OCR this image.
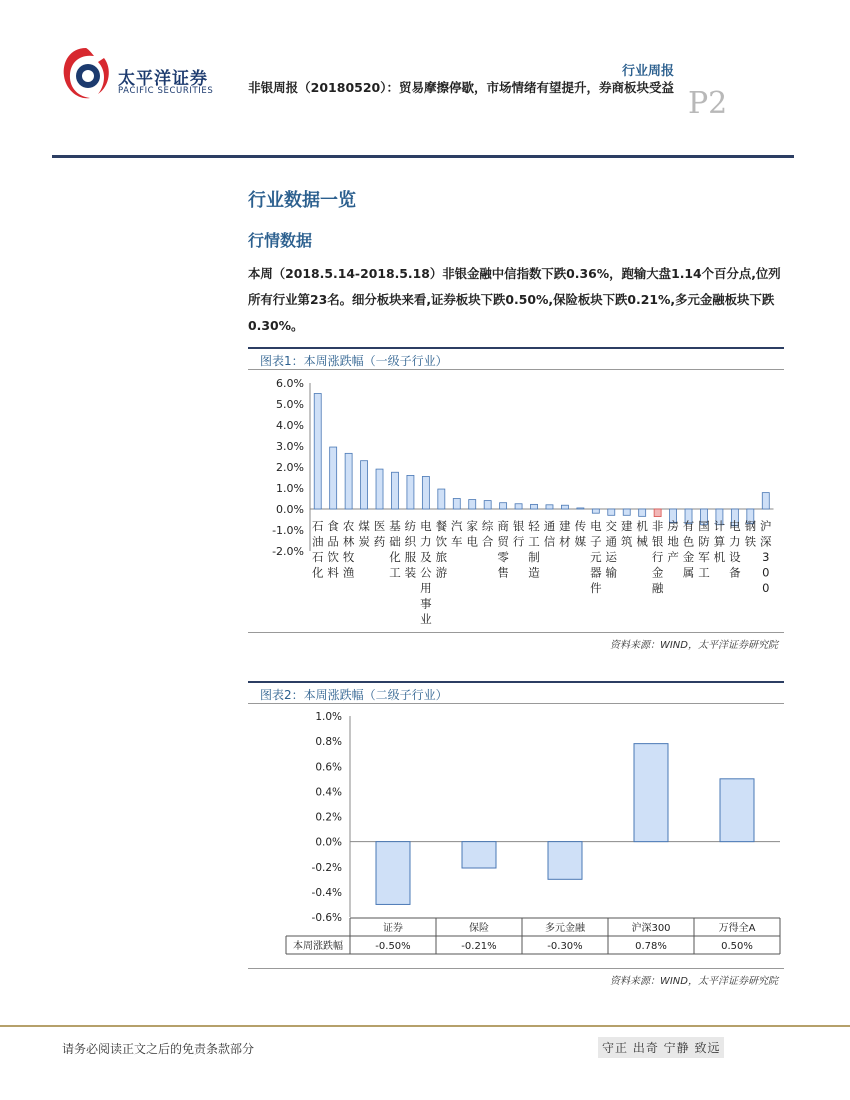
太平洋证券
PACIFIC SECURITIES
行业周报
非银周报（20180520）：贸易摩擦停歇，市场情绪有望提升，券商板块受益 P2
行业数据一览
行情数据
本周（2018.5.14-2018.5.18）非银金融中信指数下跌0.36%，跑输大盘1.14个百分点,位列所有行业第23名。细分板块来看,证券板块下跌0.50%,保险板块下跌0.21%,多元金融板块下跌0.30%。
图表1：本周涨跌幅（一级子行业）
6.0%
5.0%
4.0%
3.0%
2.0%
1.0%
0.0%
-1.0%
-2.0%
石油石化
食品饮料
农林牧渔
煤炭
医药
基础化工
纺织服装
电力及公用事业
餐饮旅游
汽车
家电
综合
商贸零售
银行
轻工制造
通信
建材
传媒
电子元器件
交通运输
建筑
机械
非银行金融
房地产
有色金属
国防军工
计算机
电力设备
钢铁
沪深 3 0 0
资料来源：WIND，太平洋证券研究院
图表2：本周涨跌幅（二级子行业）
1.0%
0.8%
0.6%
0.4%
0.2%
0.0%
-0.2%
-0.4%
-0.6%
本周涨跌幅
证券
-0.50%
保险
-0.21%
多元金融
-0.30%
沪深300
0.78%
万得全A
0.50%
资料来源：WIND，太平洋证券研究院
请务必阅读正文之后的免责条款部分	守正 出奇 宁静 致远
